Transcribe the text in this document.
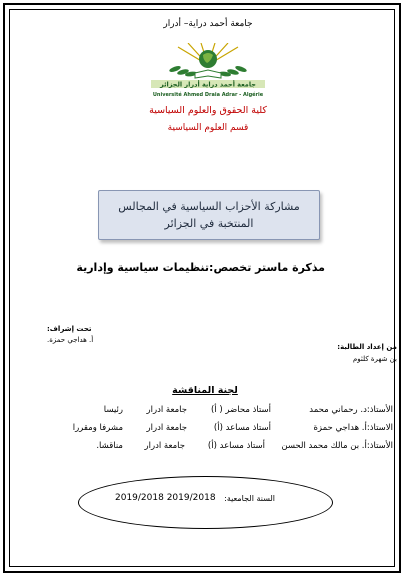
جامعة أحمد دراية– أدرار
جامعة أحمد دراية أدرار الجزائر
Université Ahmed Draia Adrar - Algérie
كلية الحقوق والعلوم السياسية
قسم العلوم السياسية
مشاركة الأحزاب السياسية في المجالس المنتخبة في الجزائر
مذكرة ماستر تخصص:تنظيمات سياسية وإدارية
تحت إشراف:
أ. هداجي حمزة.
من إعداد الطالبة:
بن شهرة كلثوم
لجنة المناقشة
الأستاذ:د. رحماني محمد
أستاذ محاضر ( أ)
جامعة ادرار
رئيسا
الاستاذ:أ. هداجي حمزة
أستاذ مساعد (أ)
جامعة ادرار
مشرفا ومقررا
الأستاذ:أ. بن مالك محمد الحسن
أستاذ مساعد (أ)
جامعة ادرار
مناقشا.
السنة الجامعية:
2019/2018 2019/2018
